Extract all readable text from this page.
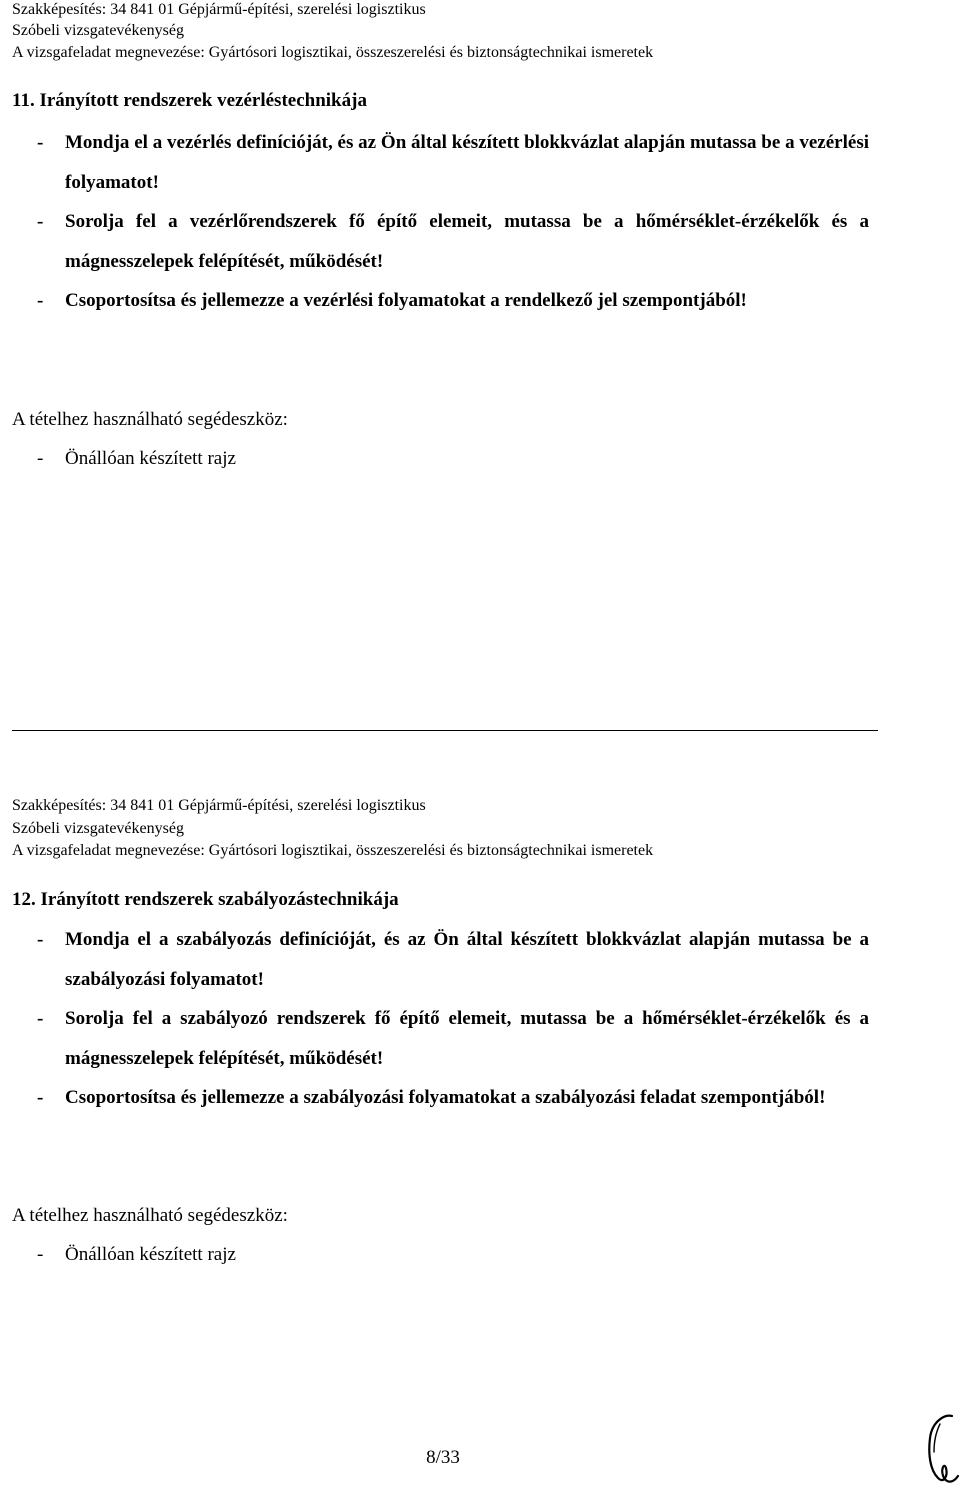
Szakképesítés: 34 841 01 Gépjármű-építési, szerelési logisztikus
Szóbeli vizsgatevékenység
A vizsgafeladat megnevezése: Gyártósori logisztikai, összeszerelési és biztonságtechnikai ismeretek
11. Irányított rendszerek vezérléstechnikája
- Mondja el a vezérlés definícióját, és az Ön által készített blokkvázlat alapján mutassa be a vezérlési folyamatot!
- Sorolja fel a vezérlőrendszerek fő építő elemeit, mutassa be a hőmérséklet-érzékelők és a mágnesszelepek felépítését, működését!
- Csoportosítsa és jellemezze a vezérlési folyamatokat a rendelkező jel szempontjából!
A tételhez használható segédeszköz:
- Önállóan készített rajz
Szakképesítés: 34 841 01 Gépjármű-építési, szerelési logisztikus
Szóbeli vizsgatevékenység
A vizsgafeladat megnevezése: Gyártósori logisztikai, összeszerelési és biztonságtechnikai ismeretek
12. Irányított rendszerek szabályozástechnikája
- Mondja el a szabályozás definícióját, és az Ön által készített blokkvázlat alapján mutassa be a szabályozási folyamatot!
- Sorolja fel a szabályozó rendszerek fő építő elemeit, mutassa be a hőmérséklet-érzékelők és a mágnesszelepek felépítését, működését!
- Csoportosítsa és jellemezze a szabályozási folyamatokat a szabályozási feladat szempontjából!
A tételhez használható segédeszköz:
- Önállóan készített rajz
8/33
